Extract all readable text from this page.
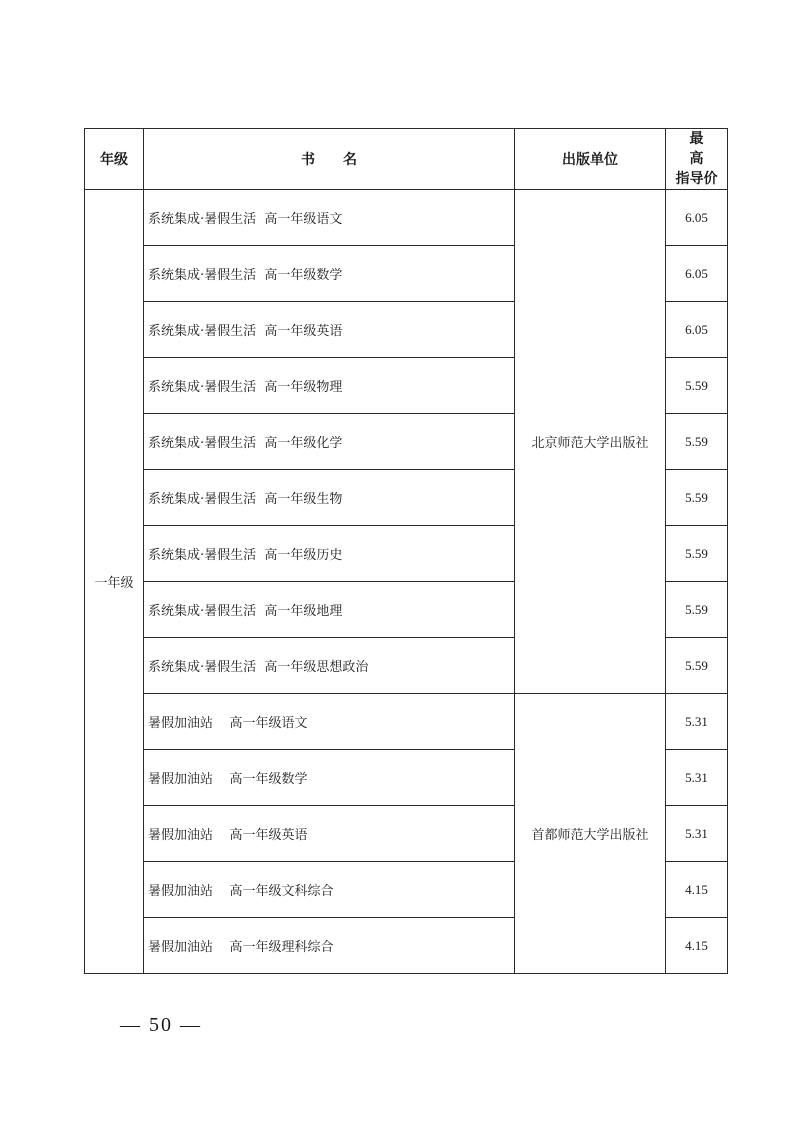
年级	书名	出版单位	最高
指导价

一年级	系统集成·暑假生活  高一年级语文	北京师范大学出版社	6.05
	系统集成·暑假生活  高一年级数学		6.05
	系统集成·暑假生活  高一年级英语		6.05
	系统集成·暑假生活  高一年级物理		5.59
	系统集成·暑假生活  高一年级化学		5.59
	系统集成·暑假生活  高一年级生物		5.59
	系统集成·暑假生活  高一年级历史		5.59
	系统集成·暑假生活  高一年级地理		5.59
	系统集成·暑假生活  高一年级思想政治		5.59
	暑假加油站    高一年级语文	首都师范大学出版社	5.31
	暑假加油站    高一年级数学		5.31
	暑假加油站    高一年级英语		5.31
	暑假加油站    高一年级文科综合		4.15
	暑假加油站    高一年级理科综合		4.15
— 50 —
